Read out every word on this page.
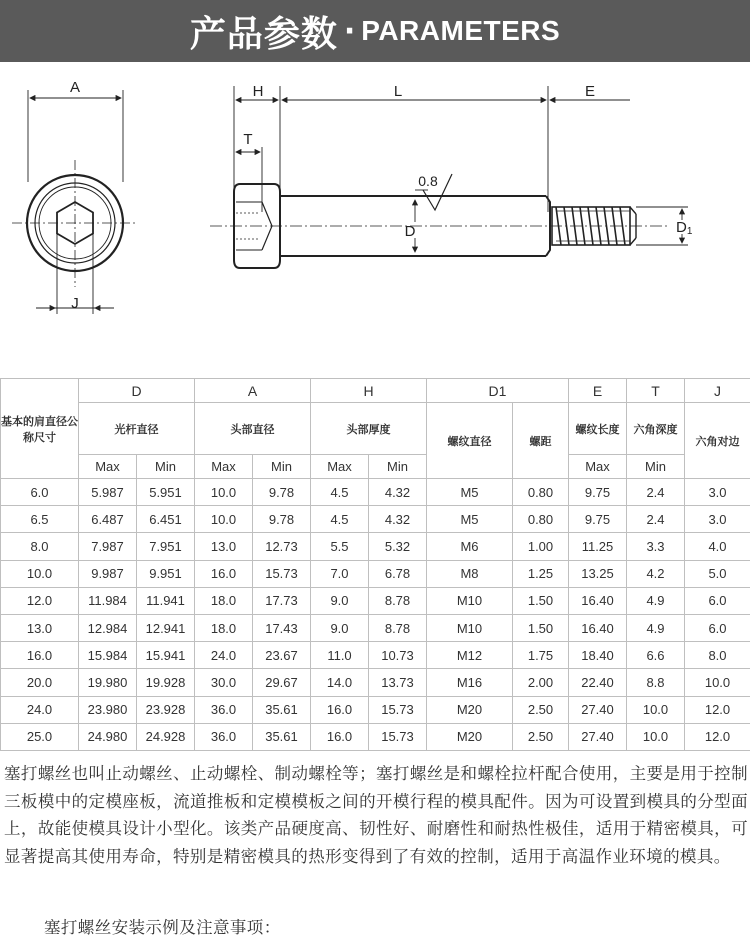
产品参数 · PARAMETERS
A
J
H	L	E
T
D
0.8
D1
基本的肩直径公称尺寸	D		A		H		D1		E	T	J
	光杆直径		头部直径		头部厚度		螺纹直径	螺距	螺纹长度	六角深度	六角对边
	Max	Min	Max	Min	Max	Min			Max	Min	
6.0	5.987	5.951	10.0	9.78	4.5	4.32	M5	0.80	9.75	2.4	3.0
6.5	6.487	6.451	10.0	9.78	4.5	4.32	M5	0.80	9.75	2.4	3.0
8.0	7.987	7.951	13.0	12.73	5.5	5.32	M6	1.00	11.25	3.3	4.0
10.0	9.987	9.951	16.0	15.73	7.0	6.78	M8	1.25	13.25	4.2	5.0
12.0	11.984	11.941	18.0	17.73	9.0	8.78	M10	1.50	16.40	4.9	6.0
13.0	12.984	12.941	18.0	17.43	9.0	8.78	M10	1.50	16.40	4.9	6.0
16.0	15.984	15.941	24.0	23.67	11.0	10.73	M12	1.75	18.40	6.6	8.0
20.0	19.980	19.928	30.0	29.67	14.0	13.73	M16	2.00	22.40	8.8	10.0
24.0	23.980	23.928	36.0	35.61	16.0	15.73	M20	2.50	27.40	10.0	12.0
25.0	24.980	24.928	36.0	35.61	16.0	15.73	M20	2.50	27.40	10.0	12.0
塞打螺丝也叫止动螺丝、止动螺栓、制动螺栓等；塞打螺丝是和螺栓拉杆配合使用，主要是用于控制三板模中的定模座板，流道推板和定模模板之间的开模行程的模具配件。因为可设置到模具的分型面上，故能使模具设计小型化。该类产品硬度高、韧性好、耐磨性和耐热性极佳，适用于精密模具，可显著提高其使用寿命，特别是精密模具的热形变得到了有效的控制，适用于高温作业环境的模具。
塞打螺丝安装示例及注意事项：
